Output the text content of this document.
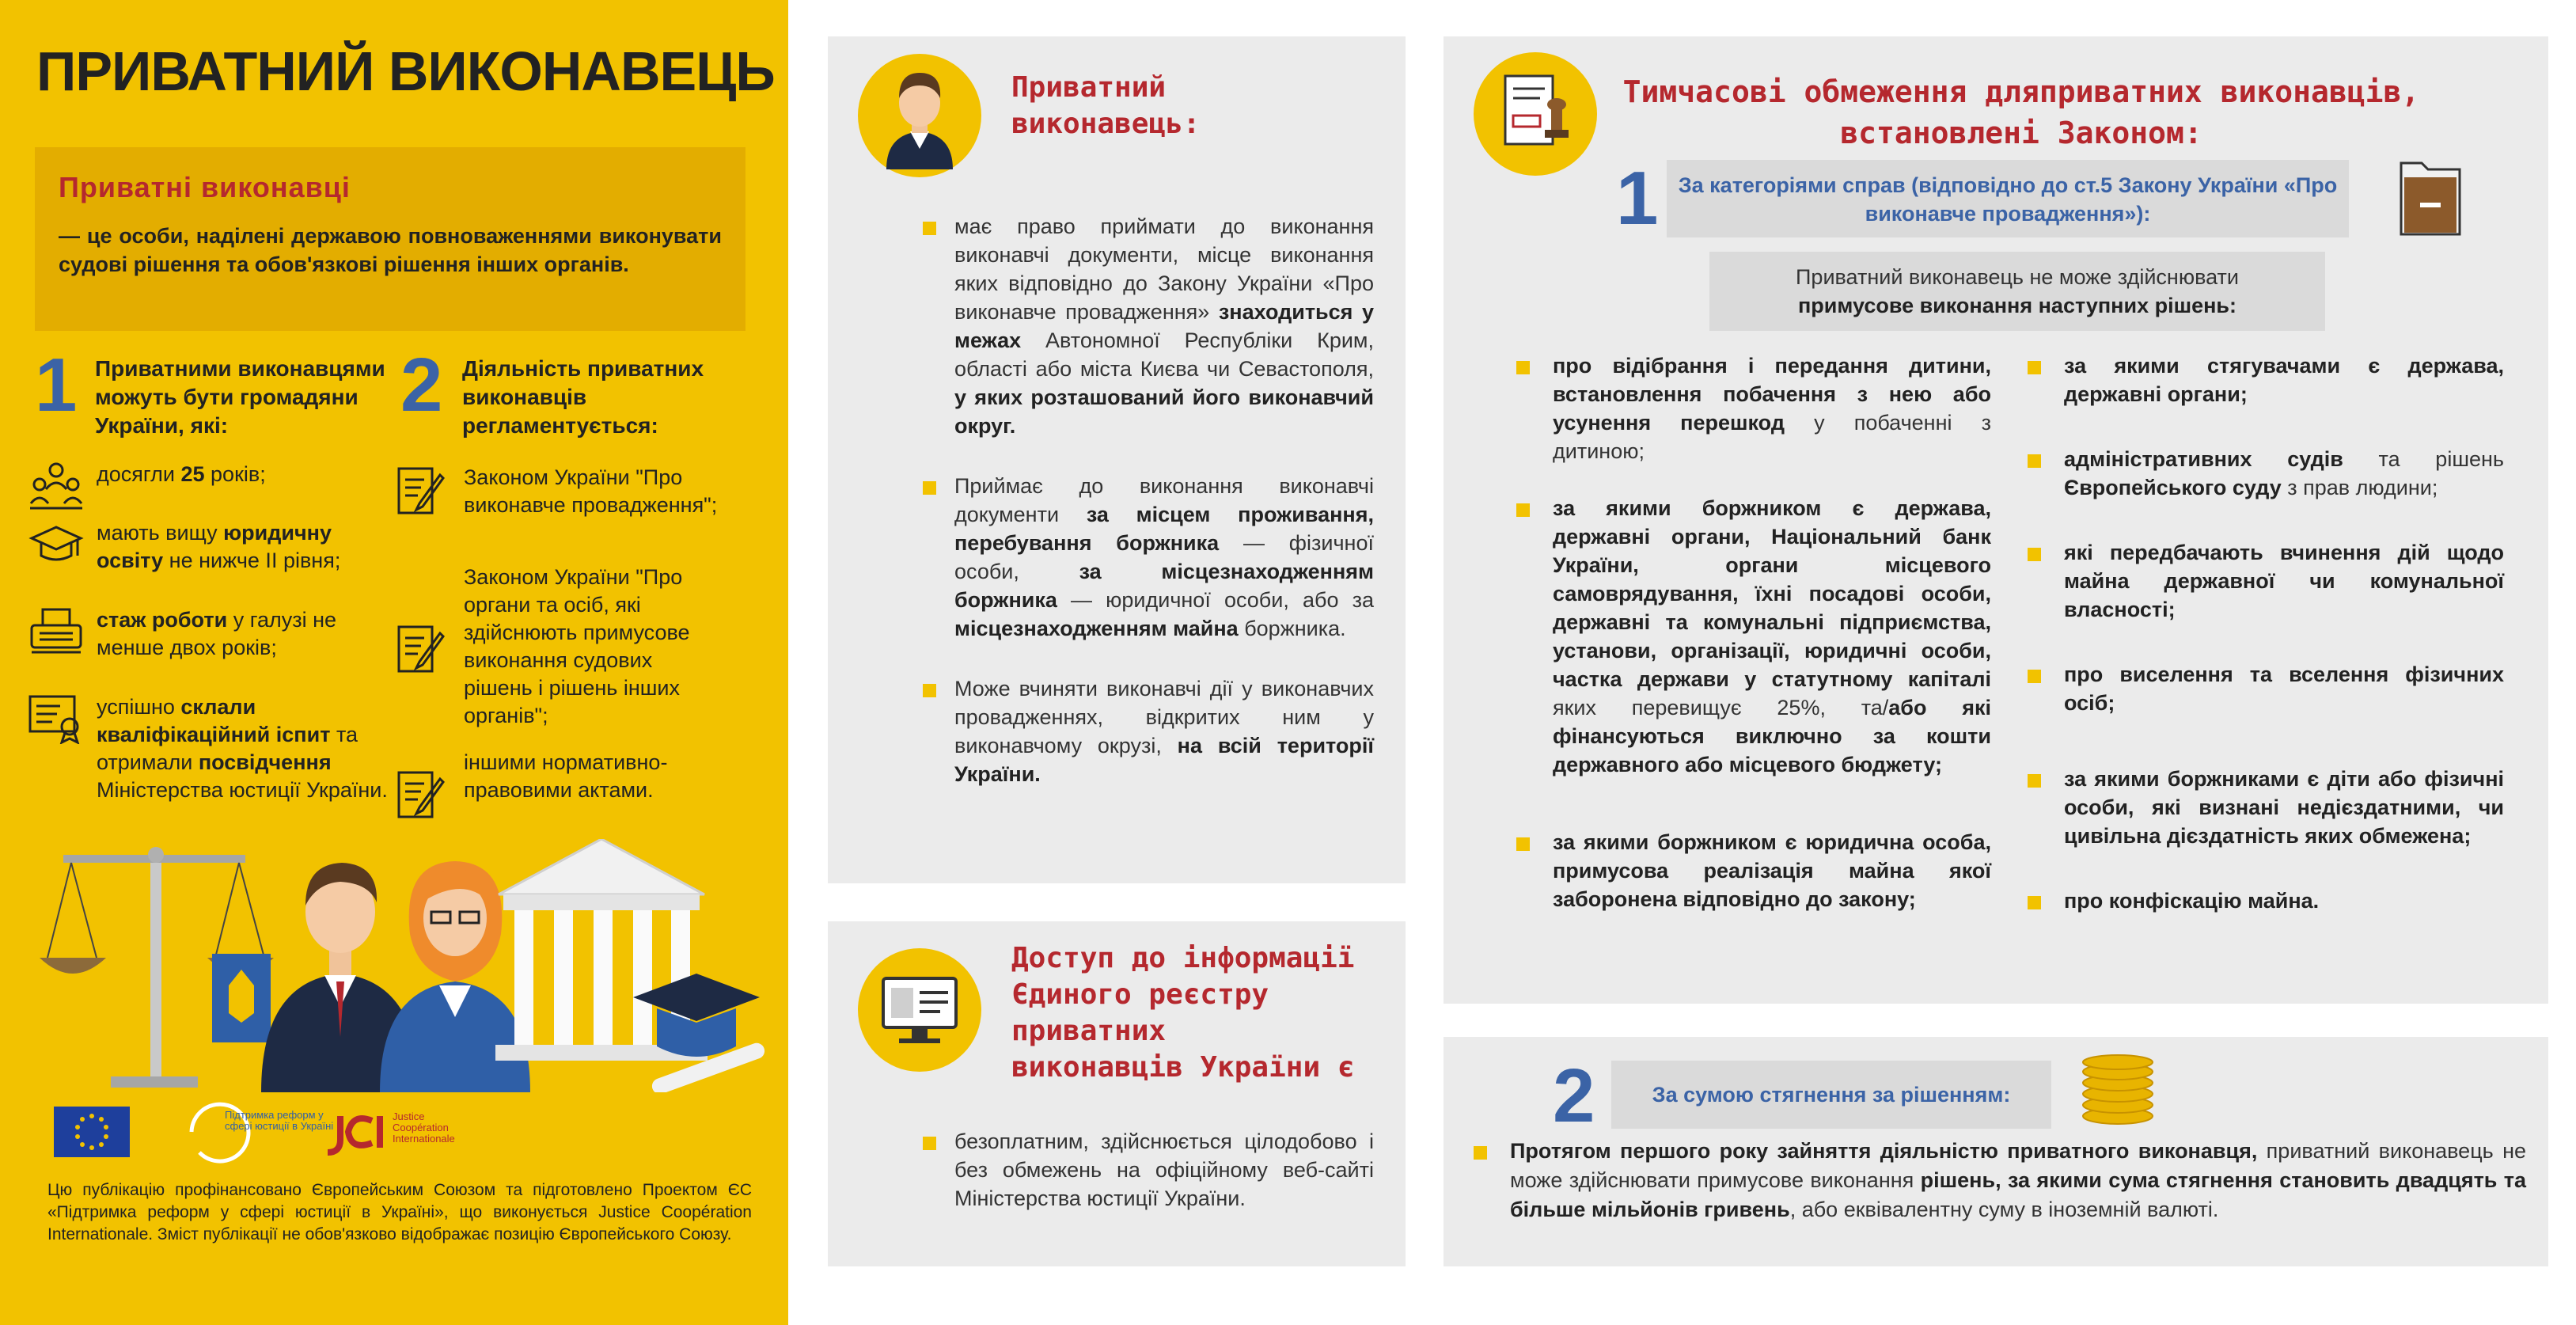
ПРИВАТНИЙ ВИКОНАВЕЦЬ
Приватні виконавці
— це особи, наділені державою повноваженнями виконувати судові рішення та обов'язкові рішення інших органів.
1 Приватними виконавцями можуть бути громадяни України, які:	2 Діяльність приватних виконавців регламентується:
досягли 25 років;
мають вищу юридичну освіту не нижче ІІ рівня;
стаж роботи у галузі не менше двох років;
успішно склали кваліфікаційний іспит та отримали посвідчення Міністерства юстиції України.
Законом України "Про виконавче провадження";
Законом України "Про органи та осіб, які здійснюють примусове виконання судових рішень і рішень інших органів";
іншими нормативно-правовими актами.
Підтримка реформ у сфері юстиції в Україні
Justice
Coopération
Internationale
Цю публікацію профінансовано Європейським Союзом та підготовлено Проектом ЄС «Підтримка реформ у сфері юстиції в Україні», що виконується Justice Coopération Internationale. Зміст публікації не обов'язково відображає позицію Європейського Союзу.
Приватний
виконавець:
має право приймати до виконання виконавчі документи, місце виконання яких відповідно до Закону України «Про виконавче провадження» знаходиться у межах Автономної Республіки Крим, області або міста Києва чи Севастополя, у яких розташований його виконавчий округ.
Приймає до виконання виконавчі документи за місцем проживання, перебування боржника — фізичної особи, за місцезнаходженням боржника — юридичної особи, або за місцезнаходженням майна боржника.
Може вчиняти виконавчі дії у виконавчих провадженнях, відкритих ним у виконавчому окрузі, на всій території України.
Доступ до інформації
Єдиного реєстру
приватних
виконавців України є
безоплатним, здійснюється цілодобово і без обмежень на офіційному веб-сайті Міністерства юстиції України.
Тимчасові обмеження дляприватних виконавців,
встановлені Законом:
1 За категоріями справ (відповідно до ст.5 Закону України «Про виконавче провадження»):
Приватний виконавець не може здійснювати
примусове виконання наступних рішень:
про відібрання і передання дитини, встановлення побачення з нею або усунення перешкод у побаченні з дитиною;
за якими боржником є держава, державні органи, Національний банк України, органи місцевого самоврядування, їхні посадові особи, державні та комунальні підприємства, установи, організації, юридичні особи, частка держави у статутному капіталі яких перевищує 25%, та/або які фінансуються виключно за кошти державного або місцевого бюджету;
за якими боржником є юридична особа, примусова реалізація майна якої заборонена відповідно до закону;
за якими стягувачами є держава, державні органи;
адміністративних судів та рішень Європейського суду з прав людини;
які передбачають вчинення дій щодо майна державної чи комунальної власності;
про виселення та вселення фізичних осіб;
за якими боржниками є діти або фізичні особи, які визнані недієздатними, чи цивільна дієздатність яких обмежена;
про конфіскацію майна.
2	За сумою стягнення за рішенням:
Протягом першого року зайняття діяльністю приватного виконавця, приватний виконавець не може здійснювати примусове виконання рішень, за якими сума стягнення становить двадцять та більше мільйонів гривень, або еквівалентну суму в іноземній валюті.
